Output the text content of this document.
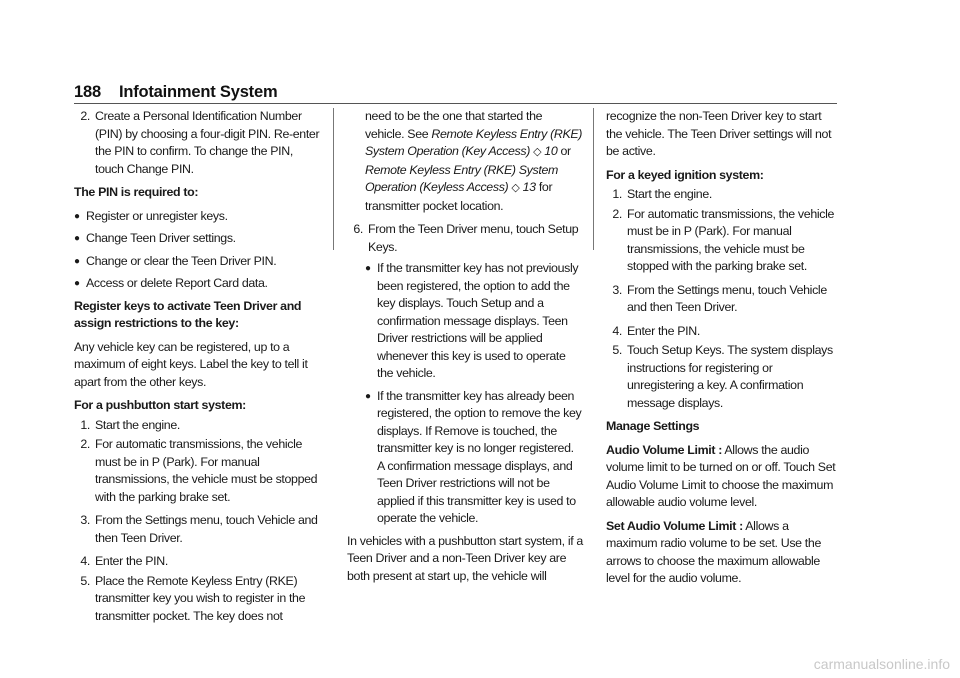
188 Infotainment System
2. Create a Personal Identification Number (PIN) by choosing a four-digit PIN. Re-enter the PIN to confirm. To change the PIN, touch Change PIN.

The PIN is required to:

● Register or unregister keys.
● Change Teen Driver settings.
● Change or clear the Teen Driver PIN.
● Access or delete Report Card data.

Register keys to activate Teen Driver and assign restrictions to the key:

Any vehicle key can be registered, up to a maximum of eight keys. Label the key to tell it apart from the other keys.

For a pushbutton start system:

1. Start the engine.
2. For automatic transmissions, the vehicle must be in P (Park). For manual transmissions, the vehicle must be stopped with the parking brake set.
3. From the Settings menu, touch Vehicle and then Teen Driver.
4. Enter the PIN.
5. Place the Remote Keyless Entry (RKE) transmitter key you wish to register in the transmitter pocket. The key does not
need to be the one that started the vehicle. See Remote Keyless Entry (RKE) System Operation (Key Access) ◇ 10 or Remote Keyless Entry (RKE) System Operation (Keyless Access) ◇ 13 for transmitter pocket location.
6. From the Teen Driver menu, touch Setup Keys.
● If the transmitter key has not previously been registered, the option to add the key displays. Touch Setup and a confirmation message displays. Teen Driver restrictions will be applied whenever this key is used to operate the vehicle.
● If the transmitter key has already been registered, the option to remove the key displays. If Remove is touched, the transmitter key is no longer registered. A confirmation message displays, and Teen Driver restrictions will not be applied if this transmitter key is used to operate the vehicle.

In vehicles with a pushbutton start system, if a Teen Driver and a non-Teen Driver key are both present at start up, the vehicle will

recognize the non-Teen Driver key to start the vehicle. The Teen Driver settings will not be active.

For a keyed ignition system:

1. Start the engine.
2. For automatic transmissions, the vehicle must be in P (Park). For manual transmissions, the vehicle must be stopped with the parking brake set.
3. From the Settings menu, touch Vehicle and then Teen Driver.
4. Enter the PIN.
5. Touch Setup Keys. The system displays instructions for registering or unregistering a key. A confirmation message displays.

Manage Settings

Audio Volume Limit : Allows the audio volume limit to be turned on or off. Touch Set Audio Volume Limit to choose the maximum allowable audio volume level.

Set Audio Volume Limit : Allows a maximum radio volume to be set. Use the arrows to choose the maximum allowable level for the audio volume.

carmanualsonline.info
